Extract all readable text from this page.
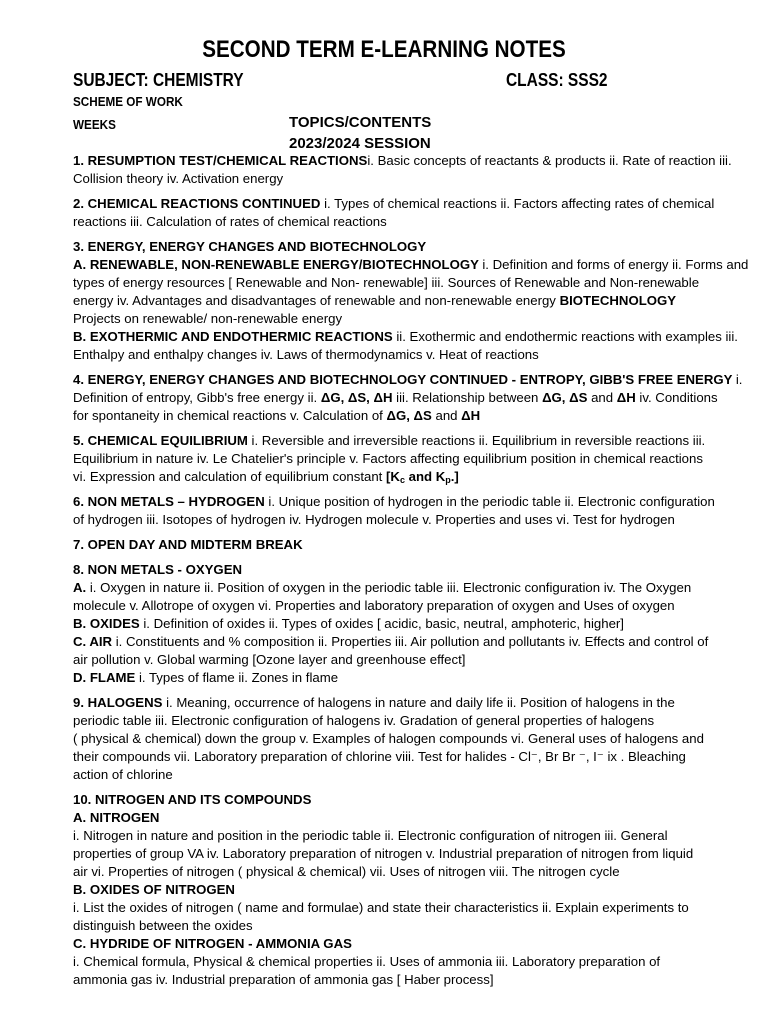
SECOND TERM E-LEARNING NOTES
SUBJECT: CHEMISTRY	CLASS: SSS2
SCHEME OF WORK
WEEKS	TOPICS/CONTENTS
2023/2024 SESSION
1. RESUMPTION TEST/CHEMICAL REACTIONSi. Basic concepts of reactants & products ii. Rate of reaction iii.
Collision theory iv. Activation energy
2. CHEMICAL REACTIONS CONTINUED i. Types of chemical reactions ii. Factors affecting rates of chemical
reactions iii. Calculation of rates of chemical reactions
3. ENERGY, ENERGY CHANGES AND BIOTECHNOLOGY
A. RENEWABLE, NON-RENEWABLE ENERGY/BIOTECHNOLOGY i. Definition and forms of energy ii. Forms and
types of energy resources [ Renewable and Non- renewable] iii. Sources of Renewable and Non-renewable
energy iv. Advantages and disadvantages of renewable and non-renewable energy BIOTECHNOLOGY
Projects on renewable/ non-renewable energy
B. EXOTHERMIC AND ENDOTHERMIC REACTIONS ii. Exothermic and endothermic reactions with examples iii.
Enthalpy and enthalpy changes iv. Laws of thermodynamics v. Heat of reactions
4. ENERGY, ENERGY CHANGES AND BIOTECHNOLOGY CONTINUED - ENTROPY, GIBB'S FREE ENERGY i.
Definition of entropy, Gibb's free energy ii. ΔG, ΔS, ΔH iii. Relationship between ΔG, ΔS and ΔH iv. Conditions
for spontaneity in chemical reactions v. Calculation of ΔG, ΔS and ΔH
5. CHEMICAL EQUILIBRIUM i. Reversible and irreversible reactions ii. Equilibrium in reversible reactions iii.
Equilibrium in nature iv. Le Chatelier's principle v. Factors affecting equilibrium position in chemical reactions
vi. Expression and calculation of equilibrium constant [$K_c$ and $K_p$.]
6. NON METALS – HYDROGEN i. Unique position of hydrogen in the periodic table ii. Electronic configuration
of hydrogen iii. Isotopes of hydrogen iv. Hydrogen molecule v. Properties and uses vi. Test for hydrogen
7. OPEN DAY AND MIDTERM BREAK
8. NON METALS - OXYGEN
A. i. Oxygen in nature ii. Position of oxygen in the periodic table iii. Electronic configuration iv. The Oxygen
molecule v. Allotrope of oxygen vi. Properties and laboratory preparation of oxygen and Uses of oxygen
B. OXIDES i. Definition of oxides ii. Types of oxides [ acidic, basic, neutral, amphoteric, higher]
C. AIR i. Constituents and % composition ii. Properties iii. Air pollution and pollutants iv. Effects and control of
air pollution v. Global warming [Ozone layer and greenhouse effect]
D. FLAME i. Types of flame ii. Zones in flame
9. HALOGENS i. Meaning, occurrence of halogens in nature and daily life ii. Position of halogens in the
periodic table iii. Electronic configuration of halogens iv. Gradation of general properties of halogens
( physical & chemical) down the group v. Examples of halogen compounds vi. General uses of halogens and
their compounds vii. Laboratory preparation of chlorine viii. Test for halides - Cl⁻, Br Br ⁻, I⁻ ix . Bleaching
action of chlorine
10. NITROGEN AND ITS COMPOUNDS
A. NITROGEN
i. Nitrogen in nature and position in the periodic table ii. Electronic configuration of nitrogen iii. General
properties of group VA iv. Laboratory preparation of nitrogen v. Industrial preparation of nitrogen from liquid
air vi. Properties of nitrogen ( physical & chemical) vii. Uses of nitrogen viii. The nitrogen cycle
B. OXIDES OF NITROGEN
i. List the oxides of nitrogen ( name and formulae) and state their characteristics ii. Explain experiments to
distinguish between the oxides
C. HYDRIDE OF NITROGEN - AMMONIA GAS
i. Chemical formula, Physical & chemical properties ii. Uses of ammonia iii. Laboratory preparation of
ammonia gas iv. Industrial preparation of ammonia gas [ Haber process]
